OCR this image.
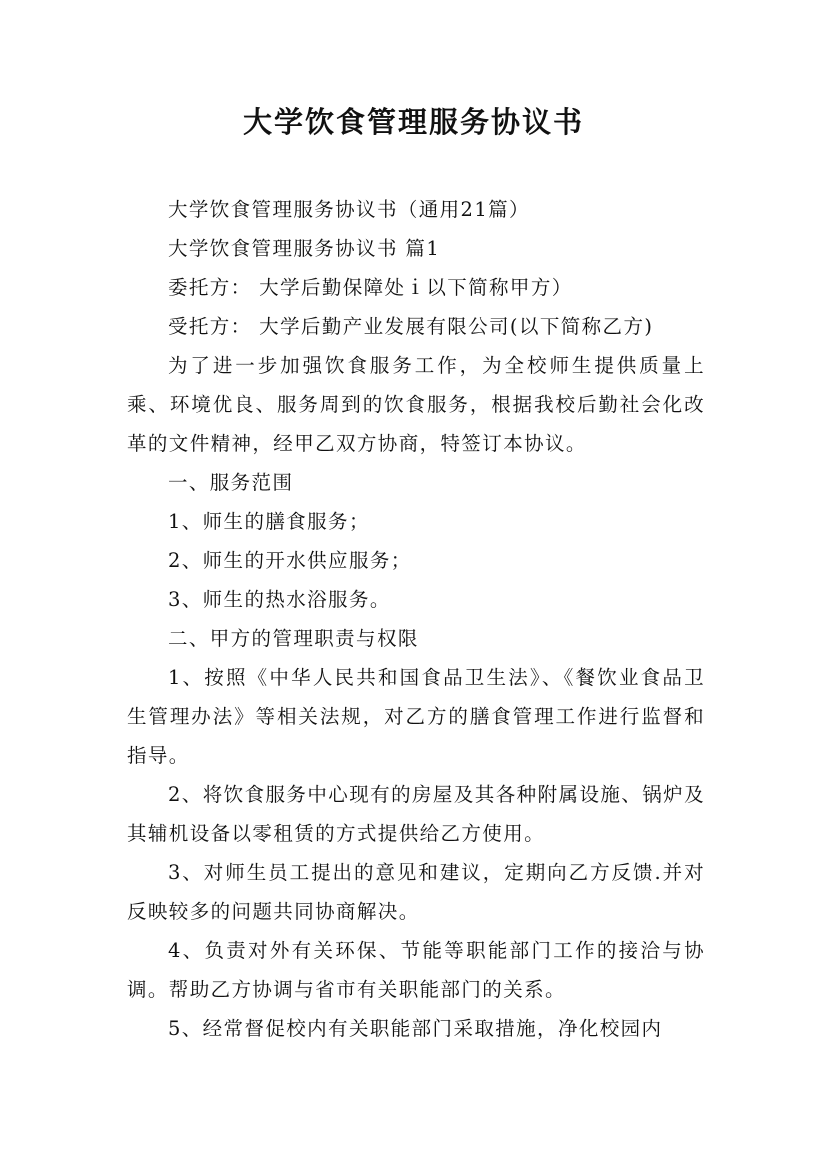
大学饮食管理服务协议书

大学饮食管理服务协议书（通用21篇）

大学饮食管理服务协议书 篇1

委托方： 大学后勤保障处ｉ以下简称甲方）

受托方： 大学后勤产业发展有限公司(以下简称乙方)

为了进一步加强饮食服务工作，为全校师生提供质量上乘、环境优良、服务周到的饮食服务，根据我校后勤社会化改革的文件精神，经甲乙双方协商，特签订本协议。

一、服务范围

1、师生的膳食服务；

2、师生的开水供应服务；

3、师生的热水浴服务。

二、甲方的管理职责与权限

1、按照《中华人民共和国食品卫生法》、《餐饮业食品卫生管理办法》等相关法规，对乙方的膳食管理工作进行监督和指导。

2、将饮食服务中心现有的房屋及其各种附属设施、锅炉及其辅机设备以零租赁的方式提供给乙方使用。

3、对师生员工提出的意见和建议，定期向乙方反馈.并对反映较多的问题共同协商解决。

4、负责对外有关环保、节能等职能部门工作的接洽与协调。帮助乙方协调与省市有关职能部门的关系。

5、经常督促校内有关职能部门采取措施，净化校园内
